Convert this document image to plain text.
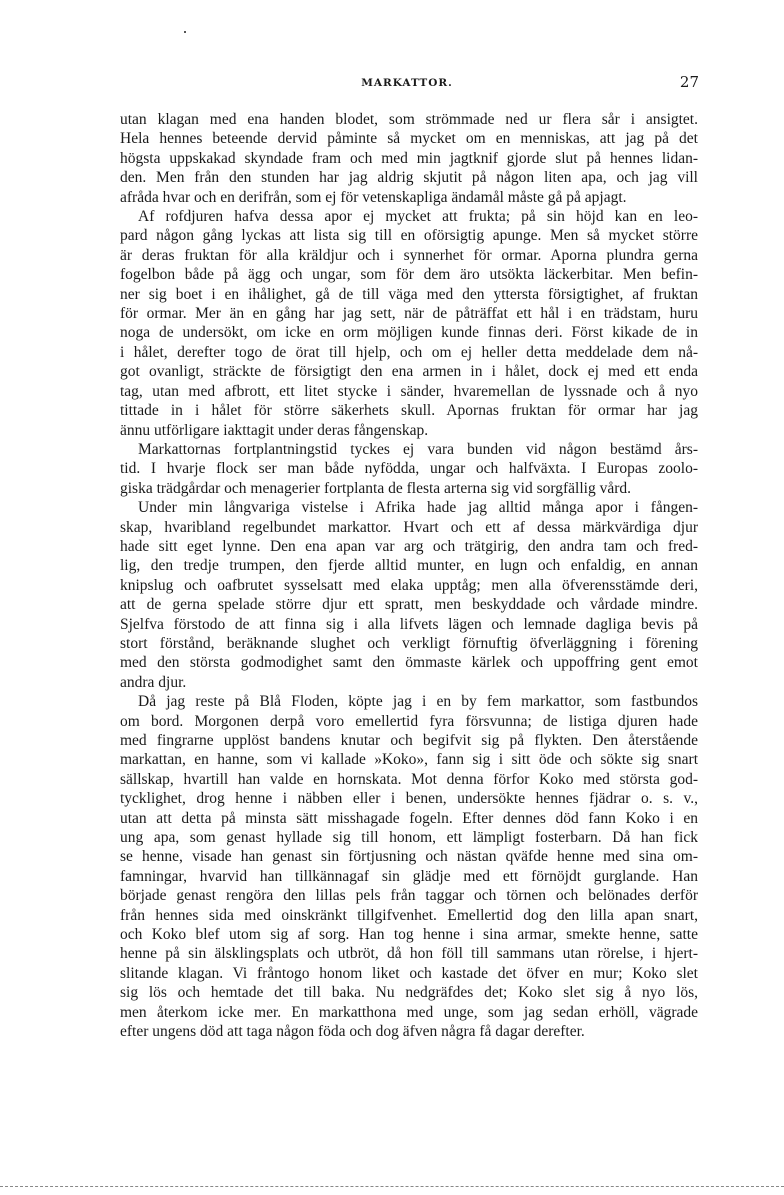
MARKATTOR.	27
utan klagan med ena handen blodet, som strömmade ned ur flera sår i ansigtet.
Hela hennes beteende dervid påminte så mycket om en menniskas, att jag på det
högsta uppskakad skyndade fram och med min jagtknif gjorde slut på hennes lidan-
den. Men från den stunden har jag aldrig skjutit på någon liten apa, och jag vill
afråda hvar och en derifrån, som ej för vetenskapliga ändamål måste gå på apjagt.
Af rofdjuren hafva dessa apor ej mycket att frukta; på sin höjd kan en leo-
pard någon gång lyckas att lista sig till en oförsigtig apunge. Men så mycket större
är deras fruktan för alla kräldjur och i synnerhet för ormar. Aporna plundra gerna
fogelbon både på ägg och ungar, som för dem äro utsökta läckerbitar. Men befin-
ner sig boet i en ihålighet, gå de till väga med den yttersta försigtighet, af fruktan
för ormar. Mer än en gång har jag sett, när de påträffat ett hål i en trädstam, huru
noga de undersökt, om icke en orm möjligen kunde finnas deri. Först kikade de in
i hålet, derefter togo de örat till hjelp, och om ej heller detta meddelade dem nå-
got ovanligt, sträckte de försigtigt den ena armen in i hålet, dock ej med ett enda
tag, utan med afbrott, ett litet stycke i sänder, hvaremellan de lyssnade och å nyo
tittade in i hålet för större säkerhets skull. Apornas fruktan för ormar har jag
ännu utförligare iakttagit under deras fångenskap.
Markattornas fortplantningstid tyckes ej vara bunden vid någon bestämd års-
tid. I hvarje flock ser man både nyfödda, ungar och halfväxta. I Europas zoolo-
giska trädgårdar och menagerier fortplanta de flesta arterna sig vid sorgfällig vård.
Under min långvariga vistelse i Afrika hade jag alltid många apor i fången-
skap, hvaribland regelbundet markattor. Hvart och ett af dessa märkvärdiga djur
hade sitt eget lynne. Den ena apan var arg och trätgirig, den andra tam och fred-
lig, den tredje trumpen, den fjerde alltid munter, en lugn och enfaldig, en annan
knipslug och oafbrutet sysselsatt med elaka upptåg; men alla öfverensstämde deri,
att de gerna spelade större djur ett spratt, men beskyddade och vårdade mindre.
Sjelfva förstodo de att finna sig i alla lifvets lägen och lemnade dagliga bevis på
stort förstånd, beräknande slughet och verkligt förnuftig öfverläggning i förening
med den största godmodighet samt den ömmaste kärlek och uppoffring gent emot
andra djur.
Då jag reste på Blå Floden, köpte jag i en by fem markattor, som fastbundos
om bord. Morgonen derpå voro emellertid fyra försvunna; de listiga djuren hade
med fingrarne upplöst bandens knutar och begifvit sig på flykten. Den återstående
markattan, en hanne, som vi kallade »Koko», fann sig i sitt öde och sökte sig snart
sällskap, hvartill han valde en hornskata. Mot denna förfor Koko med största god-
tycklighet, drog henne i näbben eller i benen, undersökte hennes fjädrar o. s. v.,
utan att detta på minsta sätt misshagade fogeln. Efter dennes död fann Koko i en
ung apa, som genast hyllade sig till honom, ett lämpligt fosterbarn. Då han fick
se henne, visade han genast sin förtjusning och nästan qväfde henne med sina om-
famningar, hvarvid han tillkännagaf sin glädje med ett förnöjdt gurglande. Han
började genast rengöra den lillas pels från taggar och törnen och belönades derför
från hennes sida med oinskränkt tillgifvenhet. Emellertid dog den lilla apan snart,
och Koko blef utom sig af sorg. Han tog henne i sina armar, smekte henne, satte
henne på sin älsklingsplats och utbröt, då hon föll till sammans utan rörelse, i hjert-
slitande klagan. Vi fråntogo honom liket och kastade det öfver en mur; Koko slet
sig lös och hemtade det till baka. Nu nedgräfdes det; Koko slet sig å nyo lös,
men återkom icke mer. En markatthona med unge, som jag sedan erhöll, vägrade
efter ungens död att taga någon föda och dog äfven några få dagar derefter.
